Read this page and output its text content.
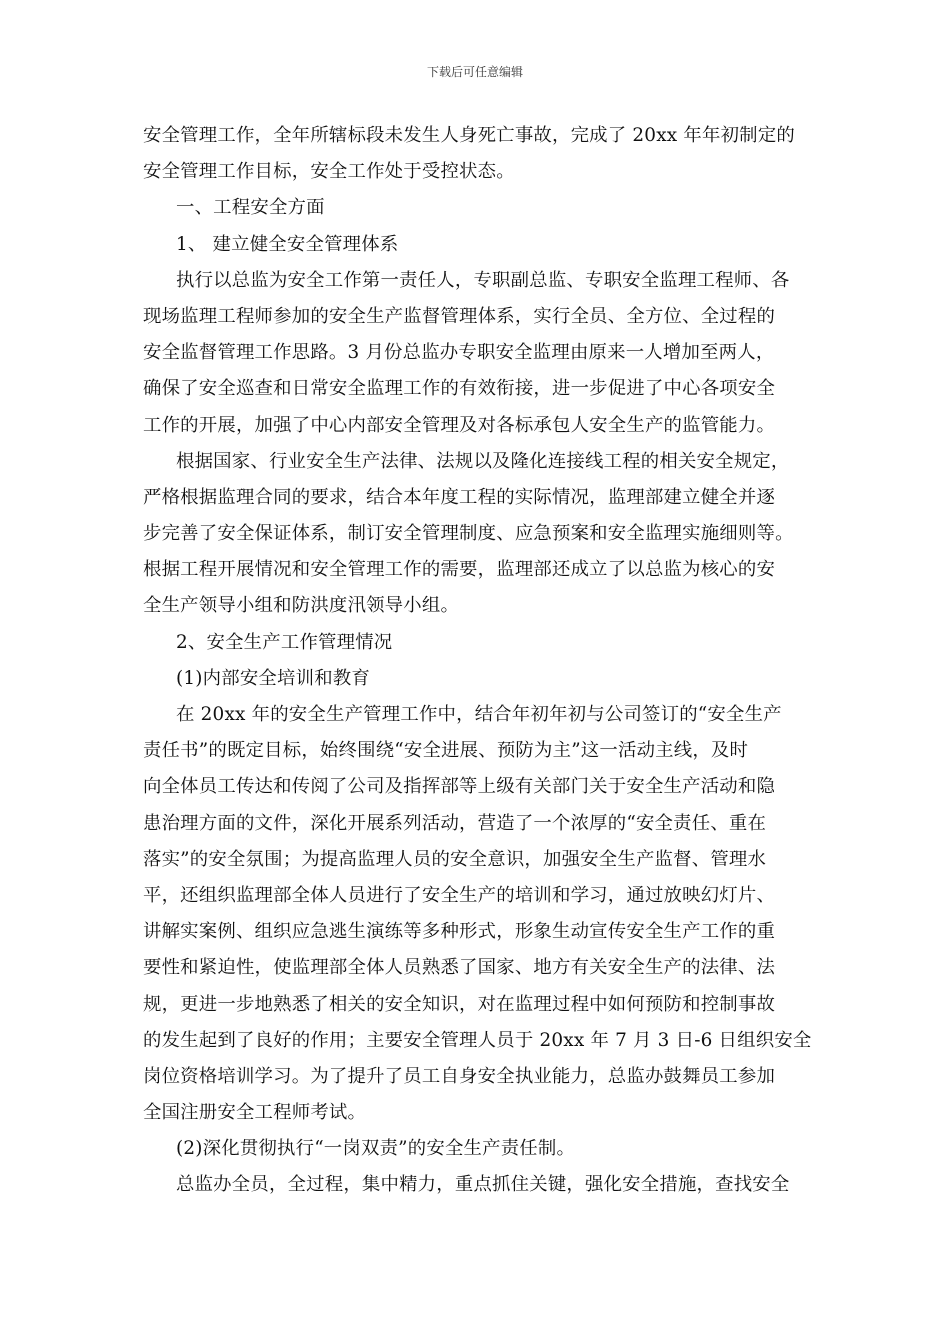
下载后可任意编辑
安全管理工作，全年所辖标段未发生人身死亡事故，完成了 20xx 年年初制定的
安全管理工作目标，安全工作处于受控状态。
一、工程安全方面
1、 建立健全安全管理体系
执行以总监为安全工作第一责任人，专职副总监、专职安全监理工程师、各
现场监理工程师参加的安全生产监督管理体系，实行全员、全方位、全过程的
安全监督管理工作思路。3 月份总监办专职安全监理由原来一人增加至两人，
确保了安全巡查和日常安全监理工作的有效衔接，进一步促进了中心各项安全
工作的开展，加强了中心内部安全管理及对各标承包人安全生产的监管能力。
根据国家、行业安全生产法律、法规以及隆化连接线工程的相关安全规定，
严格根据监理合同的要求，结合本年度工程的实际情况，监理部建立健全并逐
步完善了安全保证体系，制订安全管理制度、应急预案和安全监理实施细则等。
根据工程开展情况和安全管理工作的需要，监理部还成立了以总监为核心的安
全生产领导小组和防洪度汛领导小组。
2、安全生产工作管理情况
(1)内部安全培训和教育
在 20xx 年的安全生产管理工作中，结合年初年初与公司签订的“安全生产
责任书”的既定目标，始终围绕“安全进展、预防为主”这一活动主线，及时
向全体员工传达和传阅了公司及指挥部等上级有关部门关于安全生产活动和隐
患治理方面的文件，深化开展系列活动，营造了一个浓厚的“安全责任、重在
落实”的安全氛围；为提高监理人员的安全意识，加强安全生产监督、管理水
平，还组织监理部全体人员进行了安全生产的培训和学习，通过放映幻灯片、
讲解实案例、组织应急逃生演练等多种形式，形象生动宣传安全生产工作的重
要性和紧迫性，使监理部全体人员熟悉了国家、地方有关安全生产的法律、法
规，更进一步地熟悉了相关的安全知识，对在监理过程中如何预防和控制事故
的发生起到了良好的作用；主要安全管理人员于 20xx 年 7 月 3 日-6 日组织安全
岗位资格培训学习。为了提升了员工自身安全执业能力，总监办鼓舞员工参加
全国注册安全工程师考试。
(2)深化贯彻执行“一岗双责”的安全生产责任制。
总监办全员，全过程，集中精力，重点抓住关键，强化安全措施，查找安全
